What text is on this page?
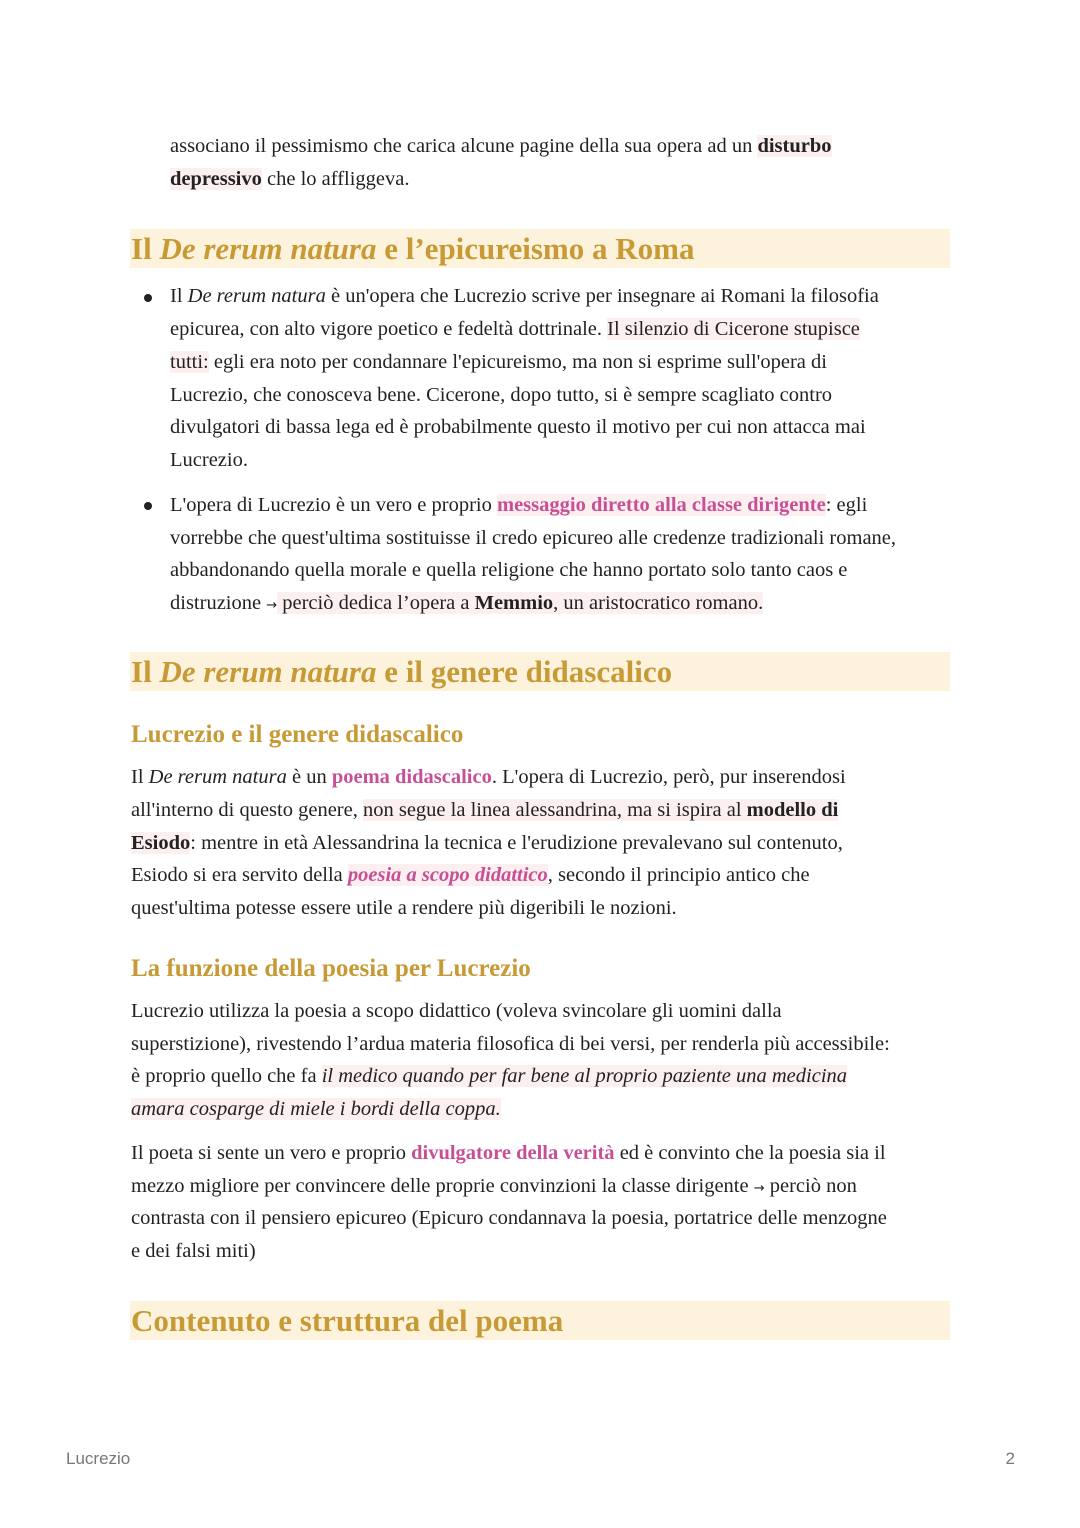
associano il pessimismo che carica alcune pagine della sua opera ad un disturbo

depressivo che lo affliggeva.

Il De rerum natura e l’epicureismo a Roma

Il De rerum natura è un'opera che Lucrezio scrive per insegnare ai Romani la filosofia

epicurea, con alto vigore poetico e fedeltà dottrinale. Il silenzio di Cicerone stupisce

tutti: egli era noto per condannare l'epicureismo, ma non si esprime sull'opera di

Lucrezio, che conosceva bene. Cicerone, dopo tutto, si è sempre scagliato contro

divulgatori di bassa lega ed è probabilmente questo il motivo per cui non attacca mai

Lucrezio.

L'opera di Lucrezio è un vero e proprio messaggio diretto alla classe dirigente: egli

vorrebbe che quest'ultima sostituisse il credo epicureo alle credenze tradizionali romane,

abbandonando quella morale e quella religione che hanno portato solo tanto caos e

distruzione → perciò dedica l’opera a Memmio, un aristocratico romano.

Il De rerum natura e il genere didascalico
Lucrezio e il genere didascalico

Il De rerum natura è un poema didascalico. L'opera di Lucrezio, però, pur inserendosi

all'interno di questo genere, non segue la linea alessandrina, ma si ispira al modello di

Esiodo: mentre in età Alessandrina la tecnica e l'erudizione prevalevano sul contenuto,

Esiodo si era servito della poesia a scopo didattico, secondo il principio antico che

quest'ultima potesse essere utile a rendere più digeribili le nozioni.

La funzione della poesia per Lucrezio

Lucrezio utilizza la poesia a scopo didattico (voleva svincolare gli uomini dalla

superstizione), rivestendo l’ardua materia filosofica di bei versi, per renderla più accessibile:

è proprio quello che fa il medico quando per far bene al proprio paziente una medicina

amara cosparge di miele i bordi della coppa.

Il poeta si sente un vero e proprio divulgatore della verità ed è convinto che la poesia sia il

mezzo migliore per convincere delle proprie convinzioni la classe dirigente → perciò non

contrasta con il pensiero epicureo (Epicuro condannava la poesia, portatrice delle menzogne

e dei falsi miti)

Contenuto e struttura del poema

Lucrezio	2
